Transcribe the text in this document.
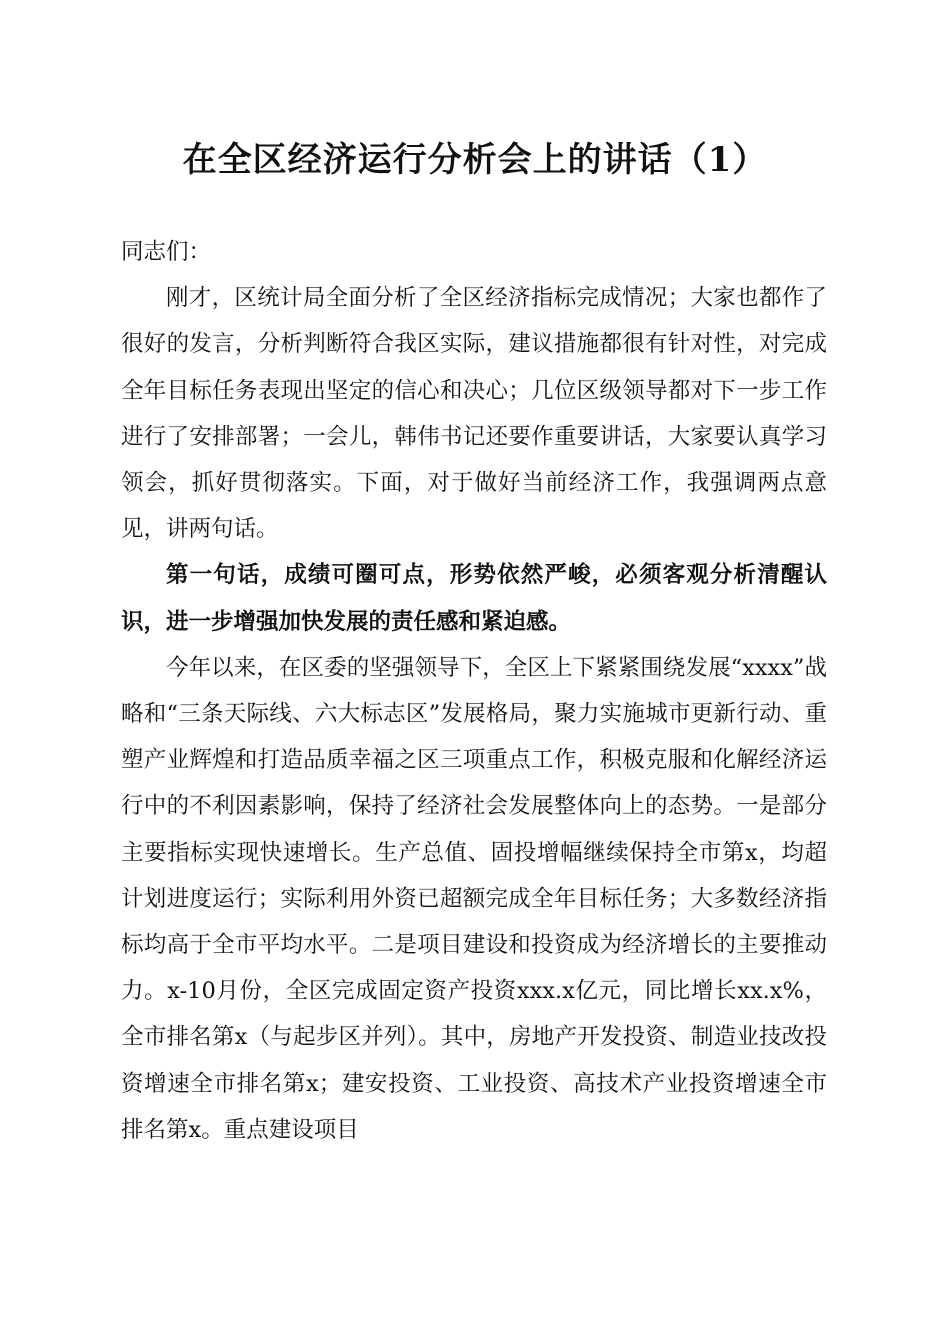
在全区经济运行分析会上的讲话（1）

同志们：

刚才，区统计局全面分析了全区经济指标完成情况；大家也都作了很好的发言，分析判断符合我区实际，建议措施都很有针对性，对完成全年目标任务表现出坚定的信心和决心；几位区级领导都对下一步工作进行了安排部署；一会儿，韩伟书记还要作重要讲话，大家要认真学习领会，抓好贯彻落实。下面，对于做好当前经济工作，我强调两点意见，讲两句话。

第一句话，成绩可圈可点，形势依然严峻，必须客观分析清醒认识，进一步增强加快发展的责任感和紧迫感。

今年以来，在区委的坚强领导下，全区上下紧紧围绕发展“xxxx”战略和“三条天际线、六大标志区”发展格局，聚力实施城市更新行动、重塑产业辉煌和打造品质幸福之区三项重点工作，积极克服和化解经济运行中的不利因素影响，保持了经济社会发展整体向上的态势。一是部分主要指标实现快速增长。生产总值、固投增幅继续保持全市第x，均超计划进度运行；实际利用外资已超额完成全年目标任务；大多数经济指标均高于全市平均水平。二是项目建设和投资成为经济增长的主要推动力。x-10月份，全区完成固定资产投资xxx.x亿元，同比增长xx.x%，全市排名第x（与起步区并列）。其中，房地产开发投资、制造业技改投资增速全市排名第x；建安投资、工业投资、高技术产业投资增速全市排名第x。重点建设项目
